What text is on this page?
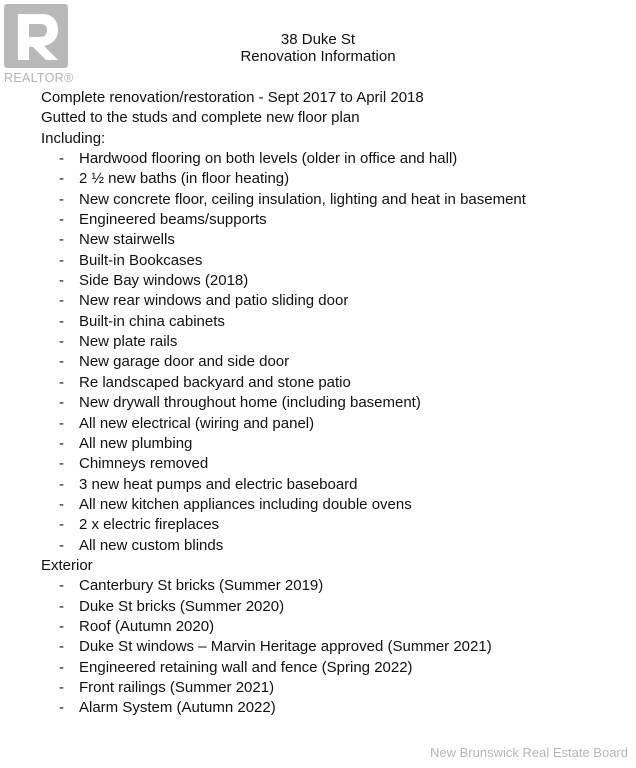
REALTOR®
38 Duke St
Renovation Information
Complete renovation/restoration - Sept 2017 to April 2018
Gutted to the studs and complete new floor plan
Including:
- Hardwood flooring on both levels (older in office and hall)
- 2 ½ new baths (in floor heating)
- New concrete floor, ceiling insulation, lighting and heat in basement
- Engineered beams/supports
- New stairwells
- Built-in Bookcases
- Side Bay windows (2018)
- New rear windows and patio sliding door
- Built-in china cabinets
- New plate rails
- New garage door and side door
- Re landscaped backyard and stone patio
- New drywall throughout home (including basement)
- All new electrical (wiring and panel)
- All new plumbing
- Chimneys removed
- 3 new heat pumps and electric baseboard
- All new kitchen appliances including double ovens
- 2 x electric fireplaces
- All new custom blinds
Exterior
- Canterbury St bricks (Summer 2019)
- Duke St bricks (Summer 2020)
- Roof (Autumn 2020)
- Duke St windows – Marvin Heritage approved (Summer 2021)
- Engineered retaining wall and fence (Spring 2022)
- Front railings (Summer 2021)
- Alarm System (Autumn 2022)
New Brunswick Real Estate Board
